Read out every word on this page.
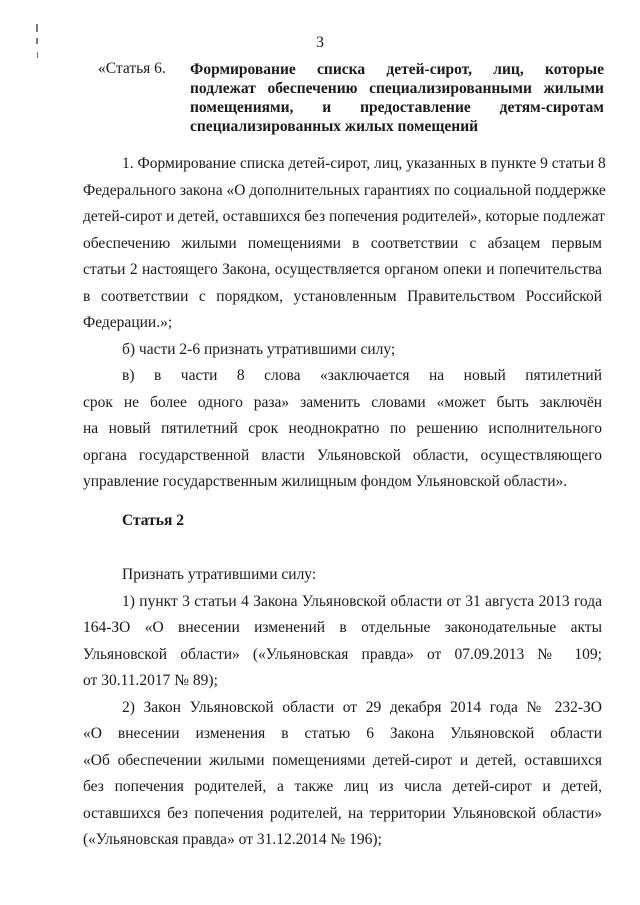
3
«Статья 6. Формирование списка детей-сирот, лиц, которые
подлежат обеспечению специализированными жилыми
помещениями, и предоставление детям-сиротам
специализированных жилых помещений
1. Формирование списка детей-сирот, лиц, указанных в пункте 9 статьи 8
Федерального закона «О дополнительных гарантиях по социальной поддержке
детей-сирот и детей, оставшихся без попечения родителей», которые подлежат
обеспечению жилыми помещениями в соответствии с абзацем первым
статьи 2 настоящего Закона, осуществляется органом опеки и попечительства
в соответствии с порядком, установленным Правительством Российской
Федерации.»;
б) части 2-6 признать утратившими силу;
в) в части 8 слова «заключается на новый пятилетний
срок не более одного раза» заменить словами «может быть заключён
на новый пятилетний срок неоднократно по решению исполнительного
органа государственной власти Ульяновской области, осуществляющего
управление государственным жилищным фондом Ульяновской области».
Статья 2
Признать утратившими силу:
1) пункт 3 статьи 4 Закона Ульяновской области от 31 августа 2013 года
164-ЗО «О внесении изменений в отдельные законодательные акты
Ульяновской области» («Ульяновская правда» от 07.09.2013 № 109;
от 30.11.2017 № 89);
2) Закон Ульяновской области от 29 декабря 2014 года № 232-ЗО
«О внесении изменения в статью 6 Закона Ульяновской области
«Об обеспечении жилыми помещениями детей-сирот и детей, оставшихся
без попечения родителей, а также лиц из числа детей-сирот и детей,
оставшихся без попечения родителей, на территории Ульяновской области»
(«Ульяновская правда» от 31.12.2014 № 196);
